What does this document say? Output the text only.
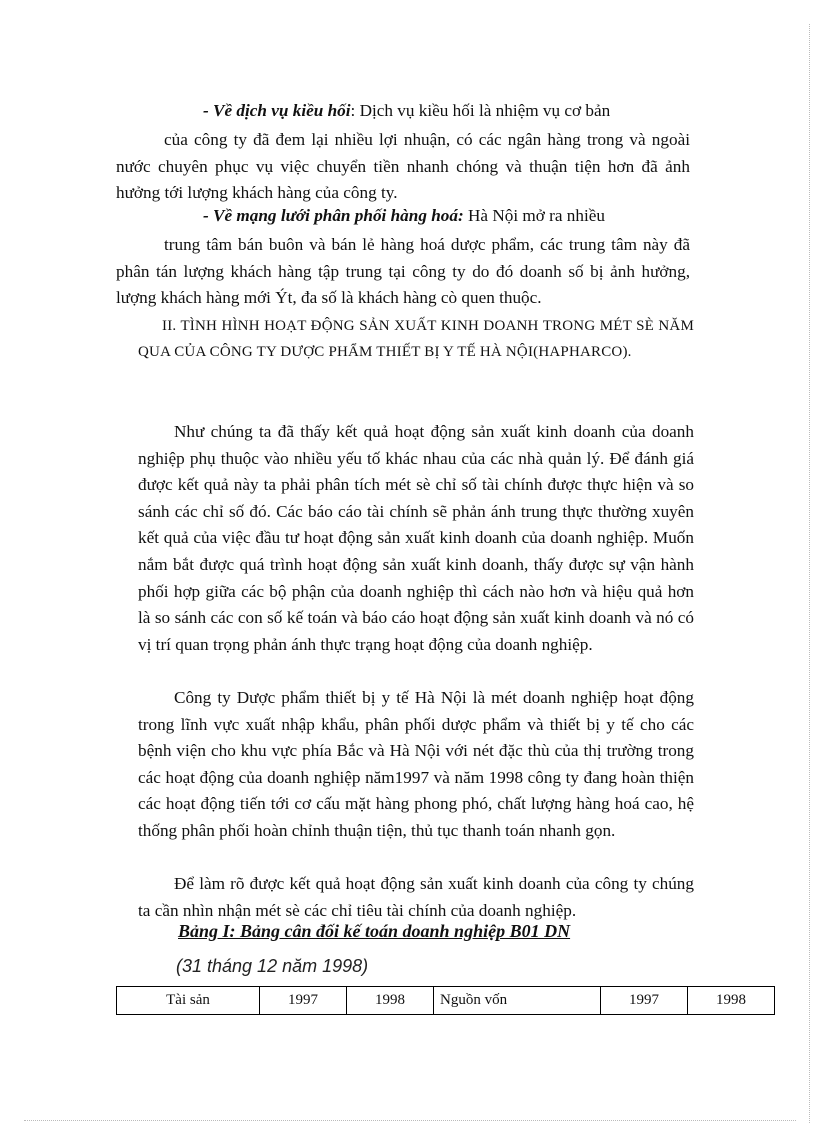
- Về dịch vụ kiều hối: Dịch vụ kiều hối là nhiệm vụ cơ bản
của công ty đã đem lại nhiều lợi nhuận, có các ngân hàng trong và ngoài nước chuyên phục vụ việc chuyển tiền nhanh chóng và thuận tiện hơn đã ảnh hưởng tới lượng khách hàng của công ty.
- Về mạng lưới phân phối hàng hoá: Hà Nội mở ra nhiều
trung tâm bán buôn và bán lẻ hàng hoá dược phẩm, các trung tâm này đã phân tán lượng khách hàng tập trung tại công ty do đó doanh số bị ảnh hưởng, lượng khách hàng mới Ýt, đa số là khách hàng cò quen thuộc.
II. TÌNH HÌNH HOẠT ĐỘNG SẢN XUẤT KINH DOANH TRONG MÉT SÈ NĂM QUA CỦA CÔNG TY DƯỢC PHẨM THIẾT BỊ Y TẾ HÀ NỘI(HAPHARCO).
Như chúng ta đã thấy kết quả hoạt động sản xuất kinh doanh của doanh nghiệp phụ thuộc vào nhiều yếu tố khác nhau của các nhà quản lý. Để đánh giá được kết quả này ta phải phân tích mét sè chỉ số tài chính được thực hiện và so sánh các chỉ số đó. Các báo cáo tài chính sẽ phản ánh trung thực thường xuyên kết quả của việc đầu tư hoạt động sản xuất kinh doanh của doanh nghiệp. Muốn nắm bắt được quá trình hoạt động sản xuất kinh doanh, thấy được sự vận hành phối hợp giữa các bộ phận của doanh nghiệp thì cách nào hơn và hiệu quả hơn là so sánh các con số kế toán và báo cáo hoạt động sản xuất kinh doanh và nó có vị trí quan trọng phản ánh thực trạng hoạt động của doanh nghiệp.
Công ty Dược phẩm thiết bị y tế Hà Nội là mét doanh nghiệp hoạt động trong lĩnh vực xuất nhập khẩu, phân phối dược phẩm và thiết bị y tế cho các bệnh viện cho khu vực phía Bắc và Hà Nội với nét đặc thù của thị trường trong các hoạt động của doanh nghiệp năm1997 và năm 1998 công ty đang hoàn thiện các hoạt động tiến tới cơ cấu mặt hàng phong phó, chất lượng hàng hoá cao, hệ thống phân phối hoàn chỉnh thuận tiện, thủ tục thanh toán nhanh gọn.
Để làm rõ được kết quả hoạt động sản xuất kinh doanh của công ty chúng ta cần nhìn nhận mét sè các chỉ tiêu tài chính của doanh nghiệp.
Bảng I: Bảng cân đối kế toán doanh nghiệp B01 DN
(31 tháng 12 năm 1998)
Tài sản	1997	1998	Nguồn vốn	1997	1998
